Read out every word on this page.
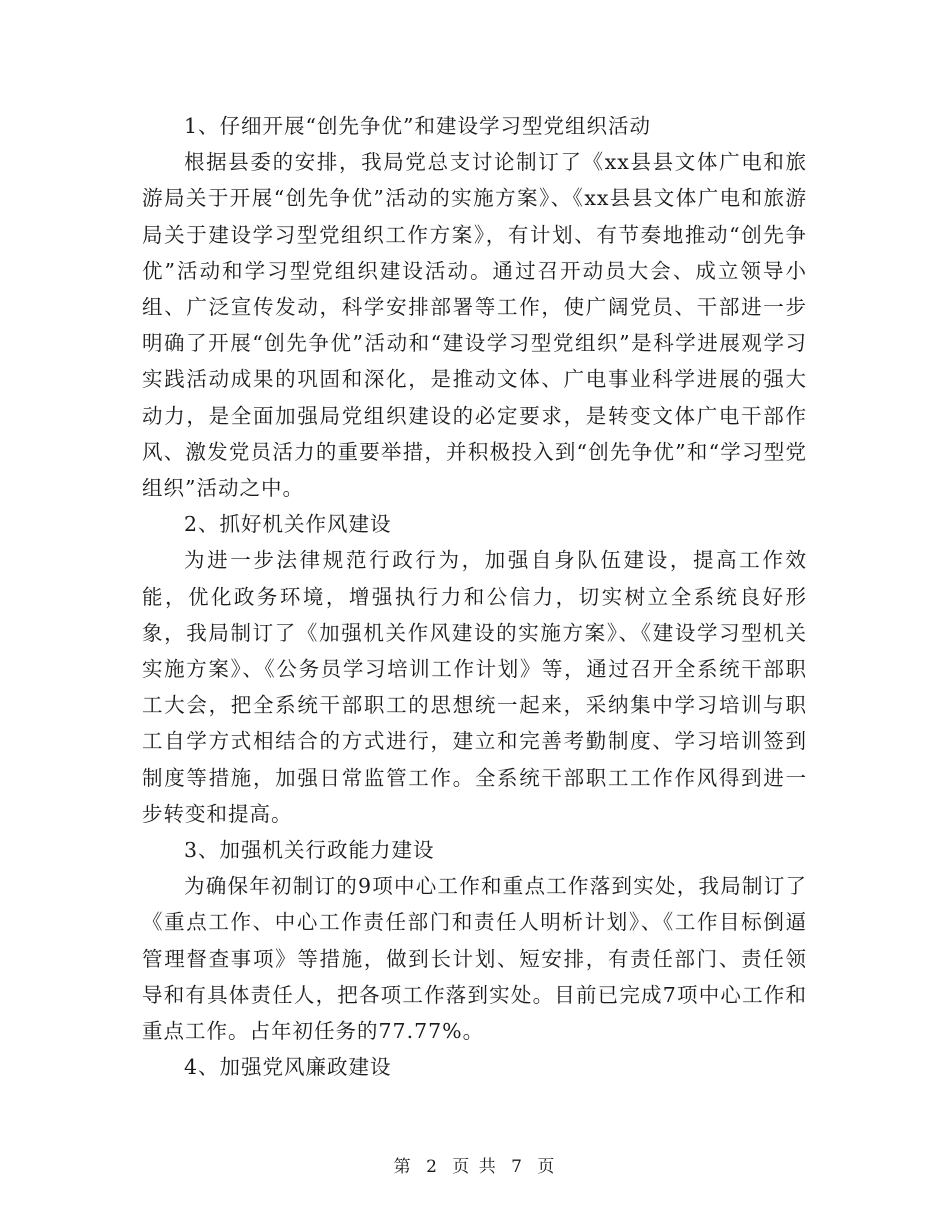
1、仔细开展“创先争优”和建设学习型党组织活动

根据县委的安排，我局党总支讨论制订了《xx县县文体广电和旅游局关于开展“创先争优”活动的实施方案》、《xx县县文体广电和旅游局关于建设学习型党组织工作方案》，有计划、有节奏地推动“创先争优”活动和学习型党组织建设活动。通过召开动员大会、成立领导小组、广泛宣传发动，科学安排部署等工作，使广阔党员、干部进一步明确了开展“创先争优”活动和“建设学习型党组织”是科学进展观学习实践活动成果的巩固和深化，是推动文体、广电事业科学进展的强大动力，是全面加强局党组织建设的必定要求，是转变文体广电干部作风、激发党员活力的重要举措，并积极投入到“创先争优”和“学习型党组织”活动之中。

2、抓好机关作风建设

为进一步法律规范行政行为，加强自身队伍建设，提高工作效能，优化政务环境，增强执行力和公信力，切实树立全系统良好形象，我局制订了《加强机关作风建设的实施方案》、《建设学习型机关实施方案》、《公务员学习培训工作计划》等，通过召开全系统干部职工大会，把全系统干部职工的思想统一起来，采纳集中学习培训与职工自学方式相结合的方式进行，建立和完善考勤制度、学习培训签到制度等措施，加强日常监管工作。全系统干部职工工作作风得到进一步转变和提高。

3、加强机关行政能力建设

为确保年初制订的9项中心工作和重点工作落到实处，我局制订了《重点工作、中心工作责任部门和责任人明析计划》、《工作目标倒逼管理督查事项》等措施，做到长计划、短安排，有责任部门、责任领导和有具体责任人，把各项工作落到实处。目前已完成7项中心工作和重点工作。占年初任务的77.77%。

4、加强党风廉政建设

第 2 页 共 7 页
